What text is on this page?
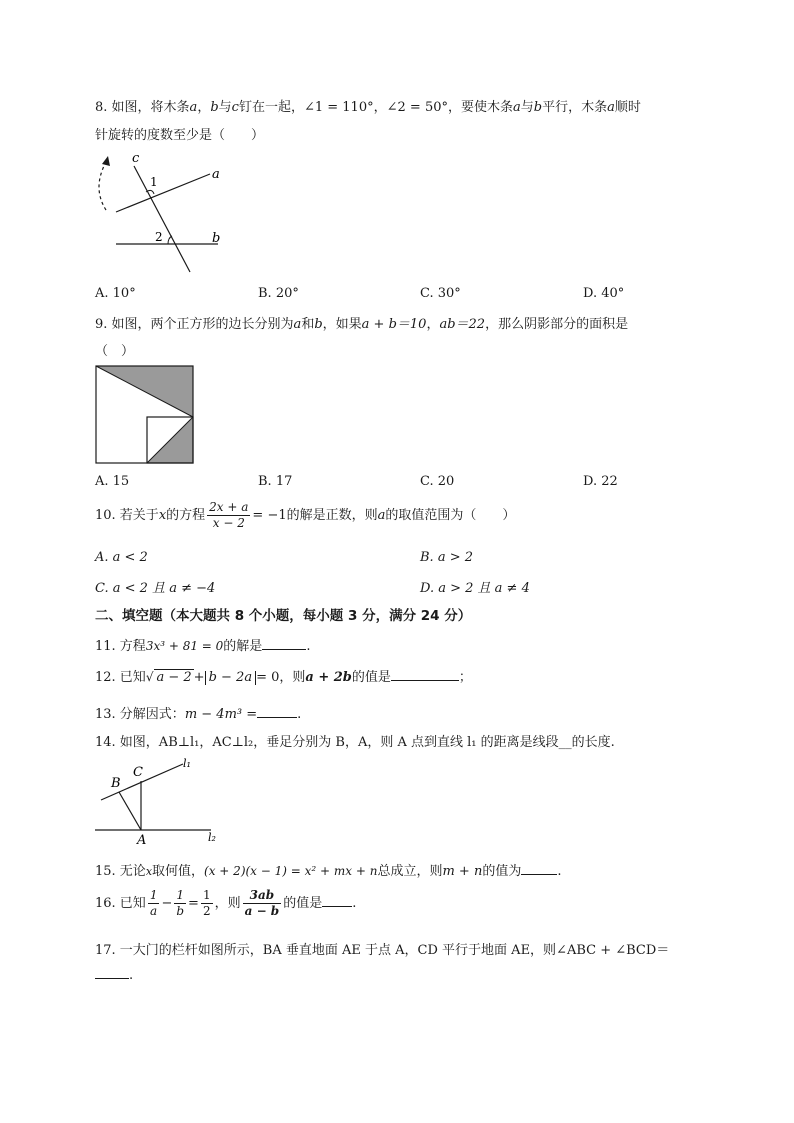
8. 如图，将木条a，b与c钉在一起，∠1 = 110°，∠2 = 50°，要使木条a与b平行，木条a顺时
针旋转的度数至少是（　　）
c
a
b
1
2
A. 10°	B. 20°	C. 30°	D. 40°
9. 如图，两个正方形的边长分别为a和b，如果a + b＝10，ab＝22，那么阴影部分的面积是
（　）
A. 15	B. 17	C. 20	D. 22
10. 若关于x的方程 $\frac{2x + a}{x - 2} = -1$的解是正数，则a的取值范围为（　　）
A. a < 2	B. a > 2
C. a < 2 且 a ≠ −4	D. a > 2 且 a ≠ 4
二、填空题（本大题共 8 个小题，每小题 3 分，满分 24 分）
11. 方程3x³ + 81 = 0的解是	.
12. 已知√ a − 2 + b − 2a = 0，则a + 2b的值是	；
13. 分解因式：m − 4m³ =	.
14. 如图，AB⊥l₁，AC⊥l₂，垂足分别为 B，A，则 A 点到直线 l₁ 的距离是线段__的长度.
B
C
A
l₁
l₂
15. 无论x取何值，(x + 2)(x − 1) = x² + mx + n总成立，则m + n的值为	.
16. 已知 $\frac{1}{a} - \frac{1}{b} = \frac{1}{2}$ ，则 $\frac{3ab}{a - b}$ 的值是 .
17. 一大门的栏杆如图所示，BA 垂直地面 AE 于点 A，CD 平行于地面 AE，则∠ABC + ∠BCD＝
.
